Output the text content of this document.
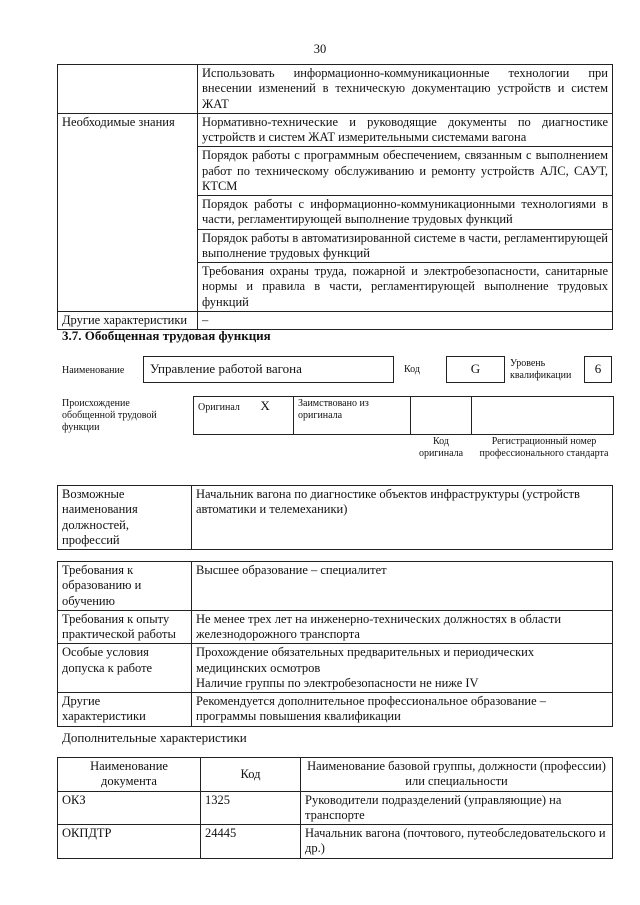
30
	Использовать информационно-коммуникационные технологии при внесении изменений в техническую документацию устройств и систем ЖАТ
Необходимые знания	Нормативно-технические и руководящие документы по диагностике устройств и систем ЖАТ измерительными системами вагона
	Порядок работы с программным обеспечением, связанным с выполнением работ по техническому обслуживанию и ремонту устройств АЛС, САУТ, КТСМ
	Порядок работы с информационно-коммуникационными технологиями в части, регламентирующей выполнение трудовых функций
	Порядок работы в автоматизированной системе в части, регламентирующей выполнение трудовых функций
	Требования охраны труда, пожарной и электробезопасности, санитарные нормы и правила в части, регламентирующей выполнение трудовых функций
Другие характеристики	–
3.7. Обобщенная трудовая функция
Наименование	Управление работой вагона	Код	G	Уровень квалификации	6
Происхождение обобщенной трудовой функции
Оригинал X	Заимствовано из оригинала		
Код оригинала
Регистрационный номер профессионального стандарта
Возможные наименования должностей, профессий	Начальник вагона по диагностике объектов инфраструктуры (устройств автоматики и телемеханики)
Требования к образованию и обучению	Высшее образование – специалитет
Требования к опыту практической работы	Не менее трех лет на инженерно-технических должностях в области железнодорожного транспорта
Особые условия допуска к работе	Прохождение обязательных предварительных и периодических медицинских осмотров
Наличие группы по электробезопасности не ниже IV

Другие характеристики	Рекомендуется дополнительное профессиональное образование – программы повышения квалификации
Дополнительные характеристики
Наименование документа	Код	Наименование базовой группы, должности (профессии) или специальности
ОКЗ	1325	Руководители подразделений (управляющие) на транспорте
ОКПДТР	24445	Начальник вагона (почтового, путеобследовательского и др.)
